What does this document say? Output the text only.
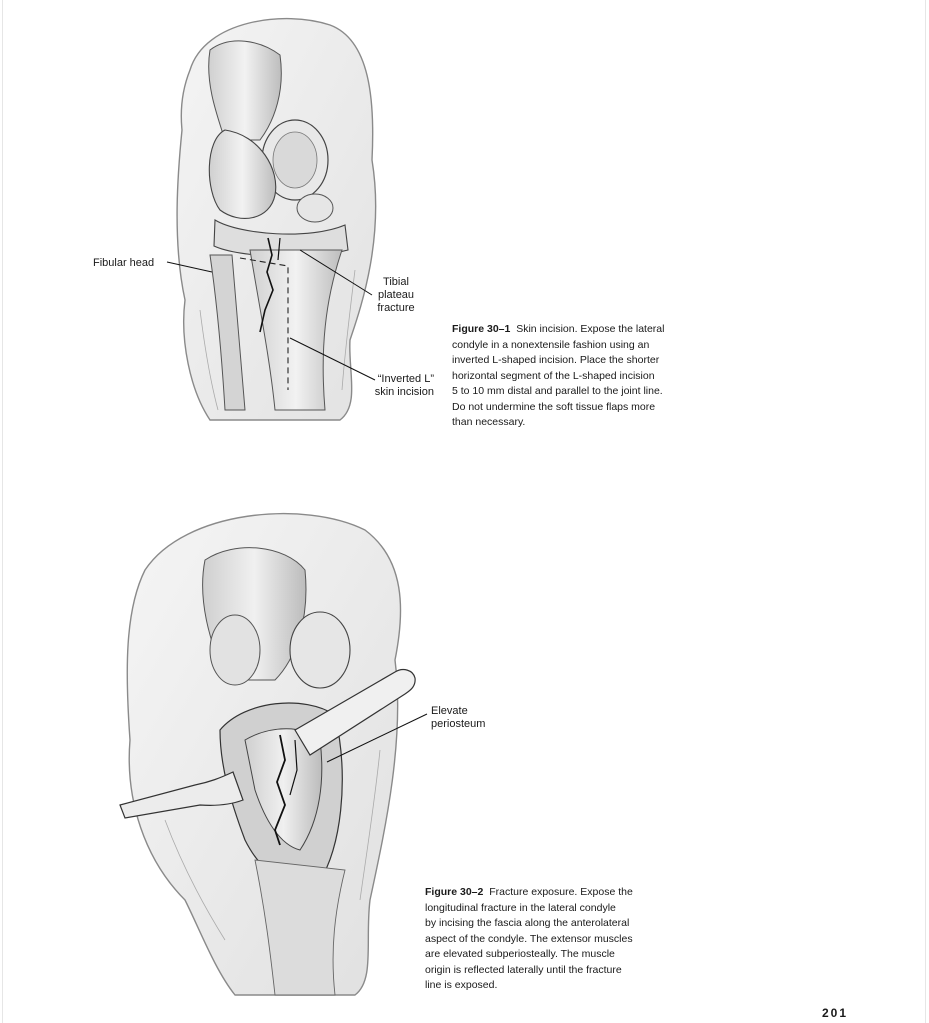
Fibular head
Tibial
plateau
fracture
“Inverted L”
skin incision

Figure 30–1 Skin incision. Expose the lateral

condyle in a nonextensile fashion using an

inverted L-shaped incision. Place the shorter

horizontal segment of the L-shaped incision

5 to 10 mm distal and parallel to the joint line.

Do not undermine the soft tissue flaps more

than necessary.

Elevate
periosteum

Figure 30–2 Fracture exposure. Expose the

longitudinal fracture in the lateral condyle

by incising the fascia along the anterolateral

aspect of the condyle. The extensor muscles

are elevated subperiosteally. The muscle

origin is reflected laterally until the fracture

line is exposed.

201
